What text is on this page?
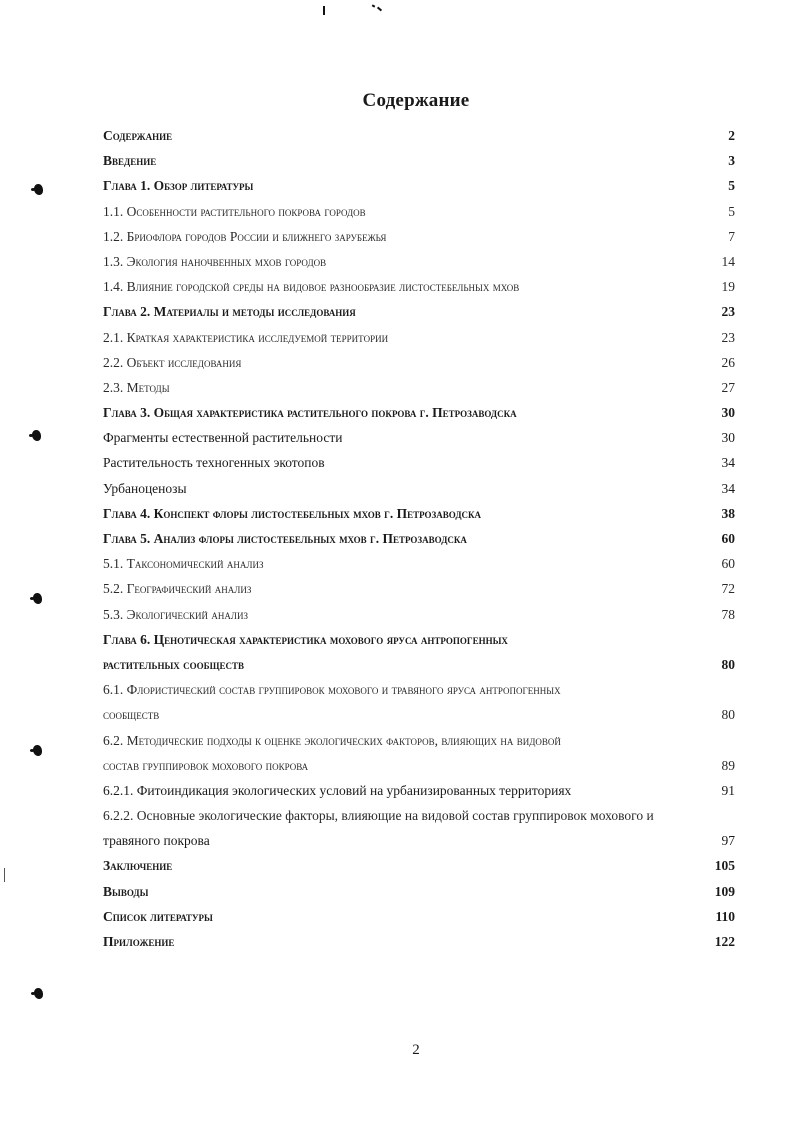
Содержание
Содержание	2
Введение	3
Глава 1. Обзор литературы	5
1.1. Особенности растительного покрова городов	5
1.2. Бриофлора городов России и ближнего зарубежья	7
1.3. Экология наночвенных мхов городов	14
1.4. Влияние городской среды на видовое разнообразие листостебельных мхов	19
Глава 2. Материалы и методы исследования	23
2.1. Краткая характеристика исследуемой территории	23
2.2. Объект исследования	26
2.3. Методы	27
Глава 3. Общая характеристика растительного покрова г. Петрозаводска	30
Фрагменты естественной растительности	30
Растительность техногенных экотопов	34
Урбаноценозы	34
Глава 4. Конспект флоры листостебельных мхов г. Петрозаводска	38
Глава 5. Анализ флоры листостебельных мхов г. Петрозаводска	60
5.1. Таксономический анализ	60
5.2. Географический анализ	72
5.3. Экологический анализ	78
Глава 6. Ценотическая характеристика мохового яруса антропогенных
растительных сообществ	80
6.1. Флористический состав группировок мохового и травяного яруса антропогенных
сообществ	80
6.2. Методические подходы к оценке экологических факторов, влияющих на видовой
состав группировок мохового покрова	89
6.2.1. Фитоиндикация экологических условий на урбанизированных территориях	91
6.2.2. Основные экологические факторы, влияющие на видовой состав группировок мохового и
травяного покрова	97
Заключение	105
Выводы	109
Список литературы	110
Приложение	122
2
